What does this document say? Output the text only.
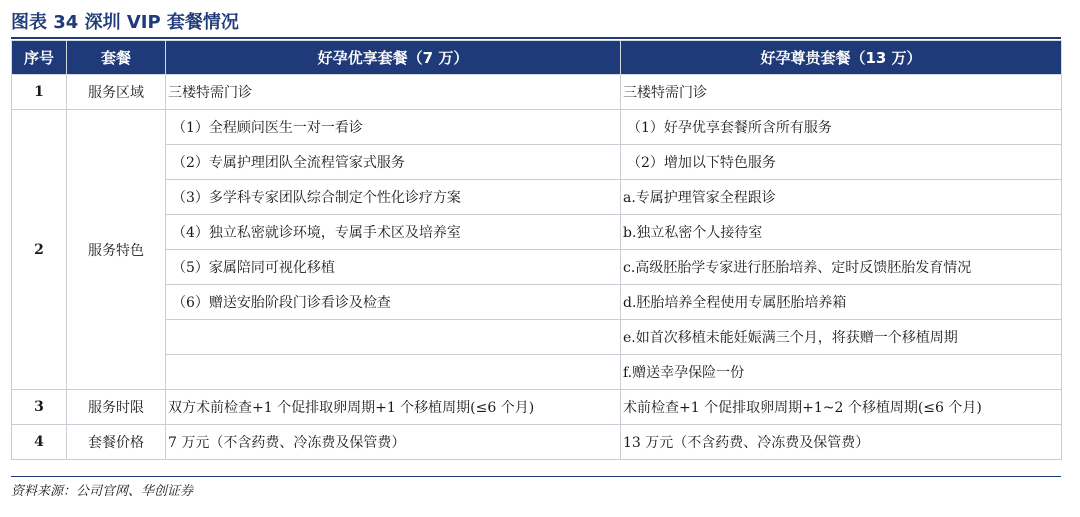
图表 34 深圳 VIP 套餐情况
序号	套餐	好孕优享套餐（7 万）	好孕尊贵套餐（13 万）
1	服务区域	三楼特需门诊	三楼特需门诊
2	服务特色	（1）全程顾问医生一对一看诊	（1）好孕优享套餐所含所有服务
		（2）专属护理团队全流程管家式服务	（2）增加以下特色服务
		（3）多学科专家团队综合制定个性化诊疗方案	a.专属护理管家全程跟诊
		（4）独立私密就诊环境，专属手术区及培养室	b.独立私密个人接待室
		（5）家属陪同可视化移植	c.高级胚胎学专家进行胚胎培养、定时反馈胚胎发育情况
		（6）赠送安胎阶段门诊看诊及检查	d.胚胎培养全程使用专属胚胎培养箱
			e.如首次移植未能妊娠满三个月，将获赠一个移植周期
			f.赠送幸孕保险一份
3	服务时限	双方术前检查+1 个促排取卵周期+1 个移植周期(≤6 个月)	术前检查+1 个促排取卵周期+1~2 个移植周期(≤6 个月)
4	套餐价格	7 万元（不含药费、冷冻费及保管费）	13 万元（不含药费、冷冻费及保管费）
资料来源：公司官网、华创证券
